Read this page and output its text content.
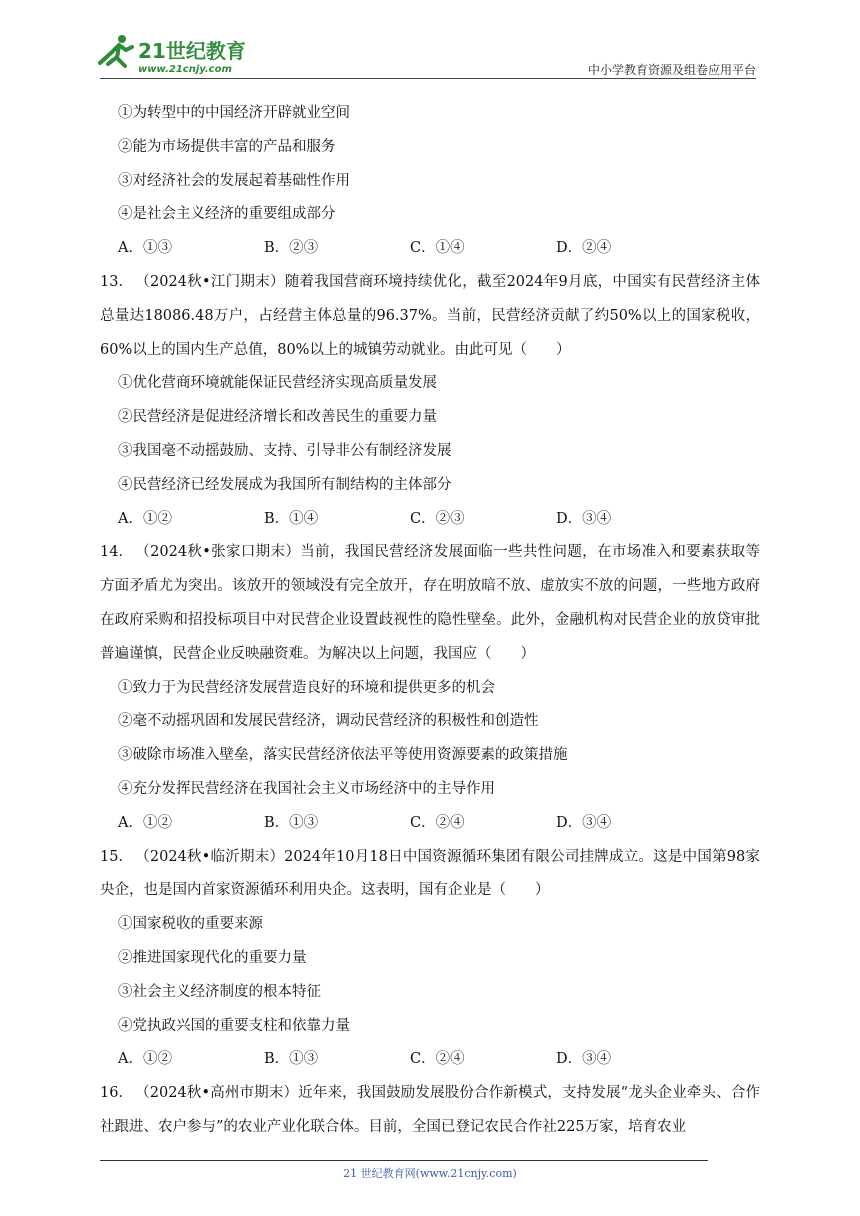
21世纪教育
www.21cnjy.com	中小学教育资源及组卷应用平台
①为转型中的中国经济开辟就业空间
②能为市场提供丰富的产品和服务
③对经济社会的发展起着基础性作用
④是社会主义经济的重要组成部分
A．①③	B．②③	C．①④	D．②④
13． （2024秋•江门期末）随着我国营商环境持续优化，截至2024年9月底，中国实有民营经济主体总量达18086.48万户，占经营主体总量的96.37%。当前，民营经济贡献了约50%以上的国家税收，60%以上的国内生产总值，80%以上的城镇劳动就业。由此可见（　　）
①优化营商环境就能保证民营经济实现高质量发展
②民营经济是促进经济增长和改善民生的重要力量
③我国毫不动摇鼓励、支持、引导非公有制经济发展
④民营经济已经发展成为我国所有制结构的主体部分
A．①②	B．①④	C．②③	D．③④
14． （2024秋•张家口期末）当前，我国民营经济发展面临一些共性问题，在市场准入和要素获取等方面矛盾尤为突出。该放开的领域没有完全放开，存在明放暗不放、虚放实不放的问题，一些地方政府在政府采购和招投标项目中对民营企业设置歧视性的隐性壁垒。此外，金融机构对民营企业的放贷审批普遍谨慎，民营企业反映融资难。为解决以上问题，我国应（　　）
①致力于为民营经济发展营造良好的环境和提供更多的机会
②毫不动摇巩固和发展民营经济，调动民营经济的积极性和创造性
③破除市场准入壁垒，落实民营经济依法平等使用资源要素的政策措施
④充分发挥民营经济在我国社会主义市场经济中的主导作用
A．①②	B．①③	C．②④	D．③④
15． （2024秋•临沂期末）2024年10月18日中国资源循环集团有限公司挂牌成立。这是中国第98家央企，也是国内首家资源循环利用央企。这表明，国有企业是（　　）
①国家税收的重要来源
②推进国家现代化的重要力量
③社会主义经济制度的根本特征
④党执政兴国的重要支柱和依靠力量
A．①②	B．①③	C．②④	D．③④
16． （2024秋•高州市期末）近年来，我国鼓励发展股份合作新模式，支持发展“龙头企业牵头、合作社跟进、农户参与”的农业产业化联合体。目前，全国已登记农民合作社225万家，培育农业
21 世纪教育网(www.21cnjy.com)
